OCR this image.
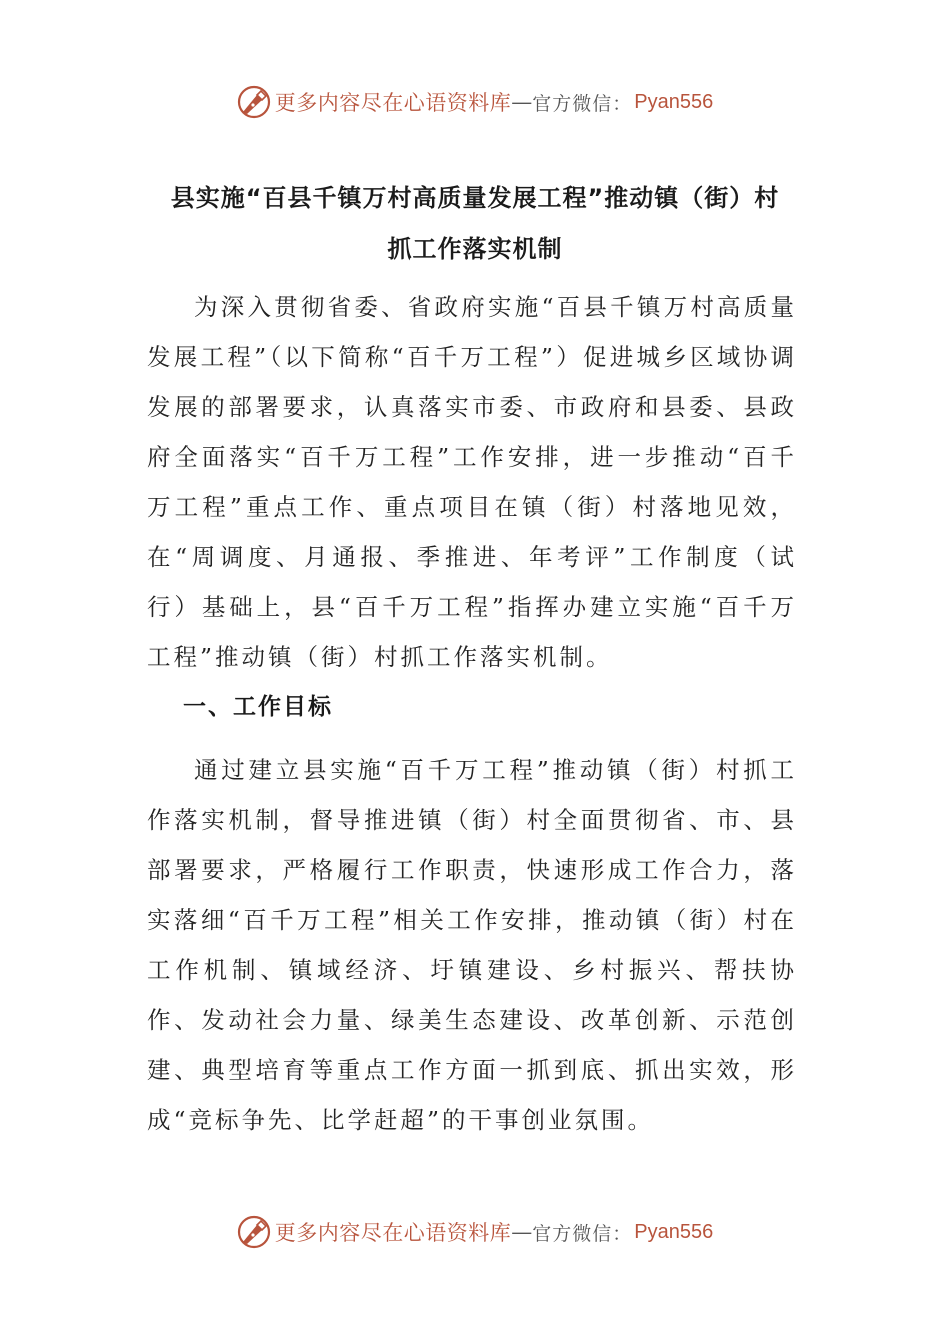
更多内容尽在心语资料库 — 官方微信： Pyan556
县实施“百县千镇万村高质量发展工程”推动镇（街）村
抓工作落实机制

为深入贯彻省委、省政府实施“百县千镇万村高质量发展工程”（以下简称“百千万工程”）促进城乡区域协调发展的部署要求，认真落实市委、市政府和县委、县政府全面落实“百千万工程”工作安排，进一步推动“百千万工程”重点工作、重点项目在镇（街）村落地见效，在“周调度、月通报、季推进、年考评”工作制度（试行）基础上，县“百千万工程”指挥办建立实施“百千万工程”推动镇（街）村抓工作落实机制。

一、工作目标

通过建立县实施“百千万工程”推动镇（街）村抓工作落实机制，督导推进镇（街）村全面贯彻省、市、县部署要求，严格履行工作职责，快速形成工作合力，落实落细“百千万工程”相关工作安排，推动镇（街）村在工作机制、镇域经济、圩镇建设、乡村振兴、帮扶协作、发动社会力量、绿美生态建设、改革创新、示范创建、典型培育等重点工作方面一抓到底、抓出实效，形成“竞标争先、比学赶超”的干事创业氛围。

更多内容尽在心语资料库 — 官方微信： Pyan556
